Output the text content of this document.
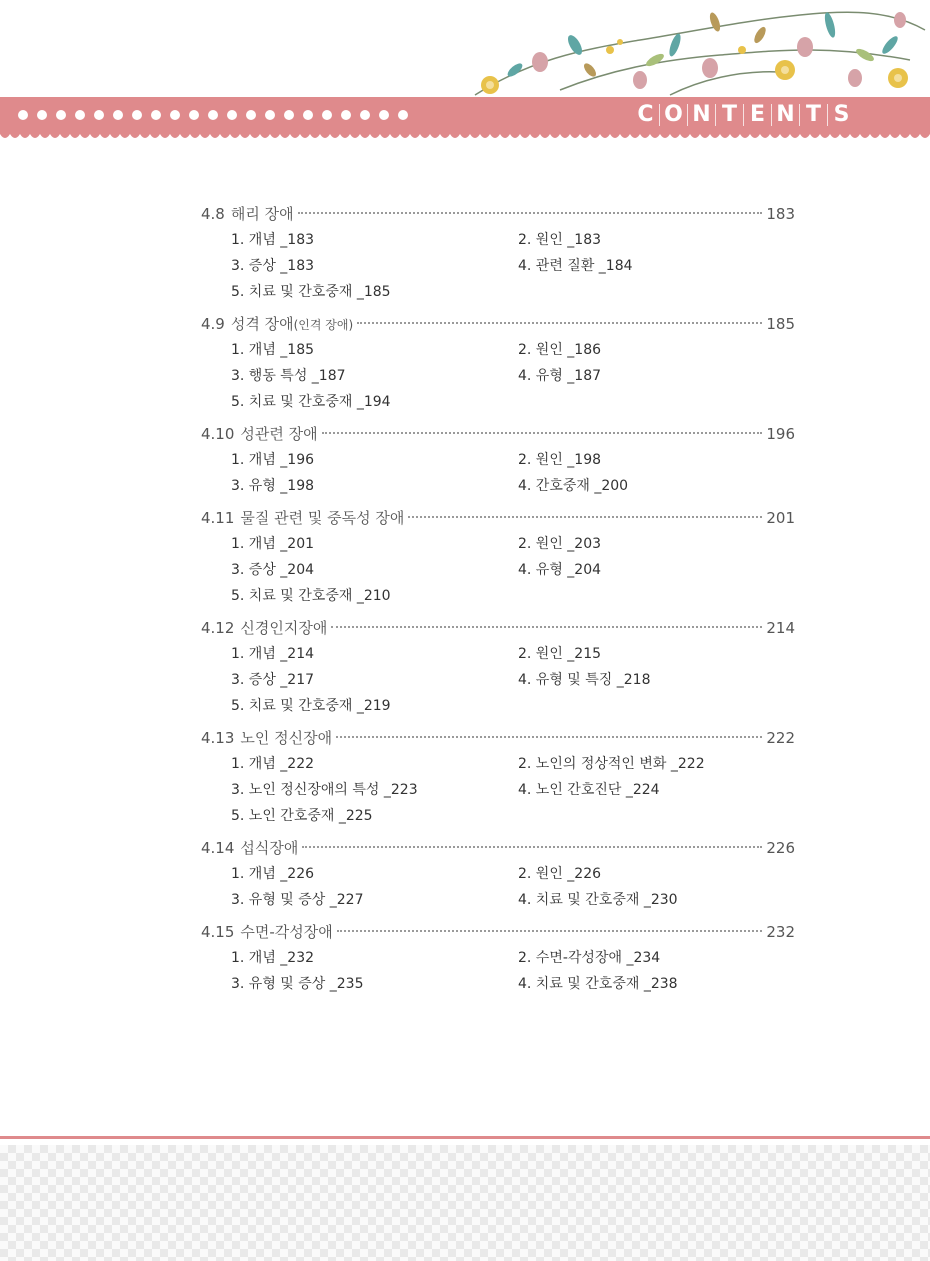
C O N T E N T S
4.8 해리 장애	183
1. 개념 _183	2. 원인 _183
3. 증상 _183	4. 관련 질환 _184
5. 치료 및 간호중재 _185
4.9 성격 장애(인격 장애)	185
1. 개념 _185	2. 원인 _186
3. 행동 특성 _187	4. 유형 _187
5. 치료 및 간호중재 _194
4.10 성관련 장애	196
1. 개념 _196	2. 원인 _198
3. 유형 _198	4. 간호중재 _200
4.11 물질 관련 및 중독성 장애	201
1. 개념 _201	2. 원인 _203
3. 증상 _204	4. 유형 _204
5. 치료 및 간호중재 _210
4.12 신경인지장애	214
1. 개념 _214	2. 원인 _215
3. 증상 _217	4. 유형 및 특징 _218
5. 치료 및 간호중재 _219
4.13 노인 정신장애	222
1. 개념 _222	2. 노인의 정상적인 변화 _222
3. 노인 정신장애의 특성 _223	4. 노인 간호진단 _224
5. 노인 간호중재 _225
4.14 섭식장애	226
1. 개념 _226	2. 원인 _226
3. 유형 및 증상 _227	4. 치료 및 간호중재 _230
4.15 수면-각성장애	232
1. 개념 _232	2. 수면-각성장애 _234
3. 유형 및 증상 _235	4. 치료 및 간호중재 _238
